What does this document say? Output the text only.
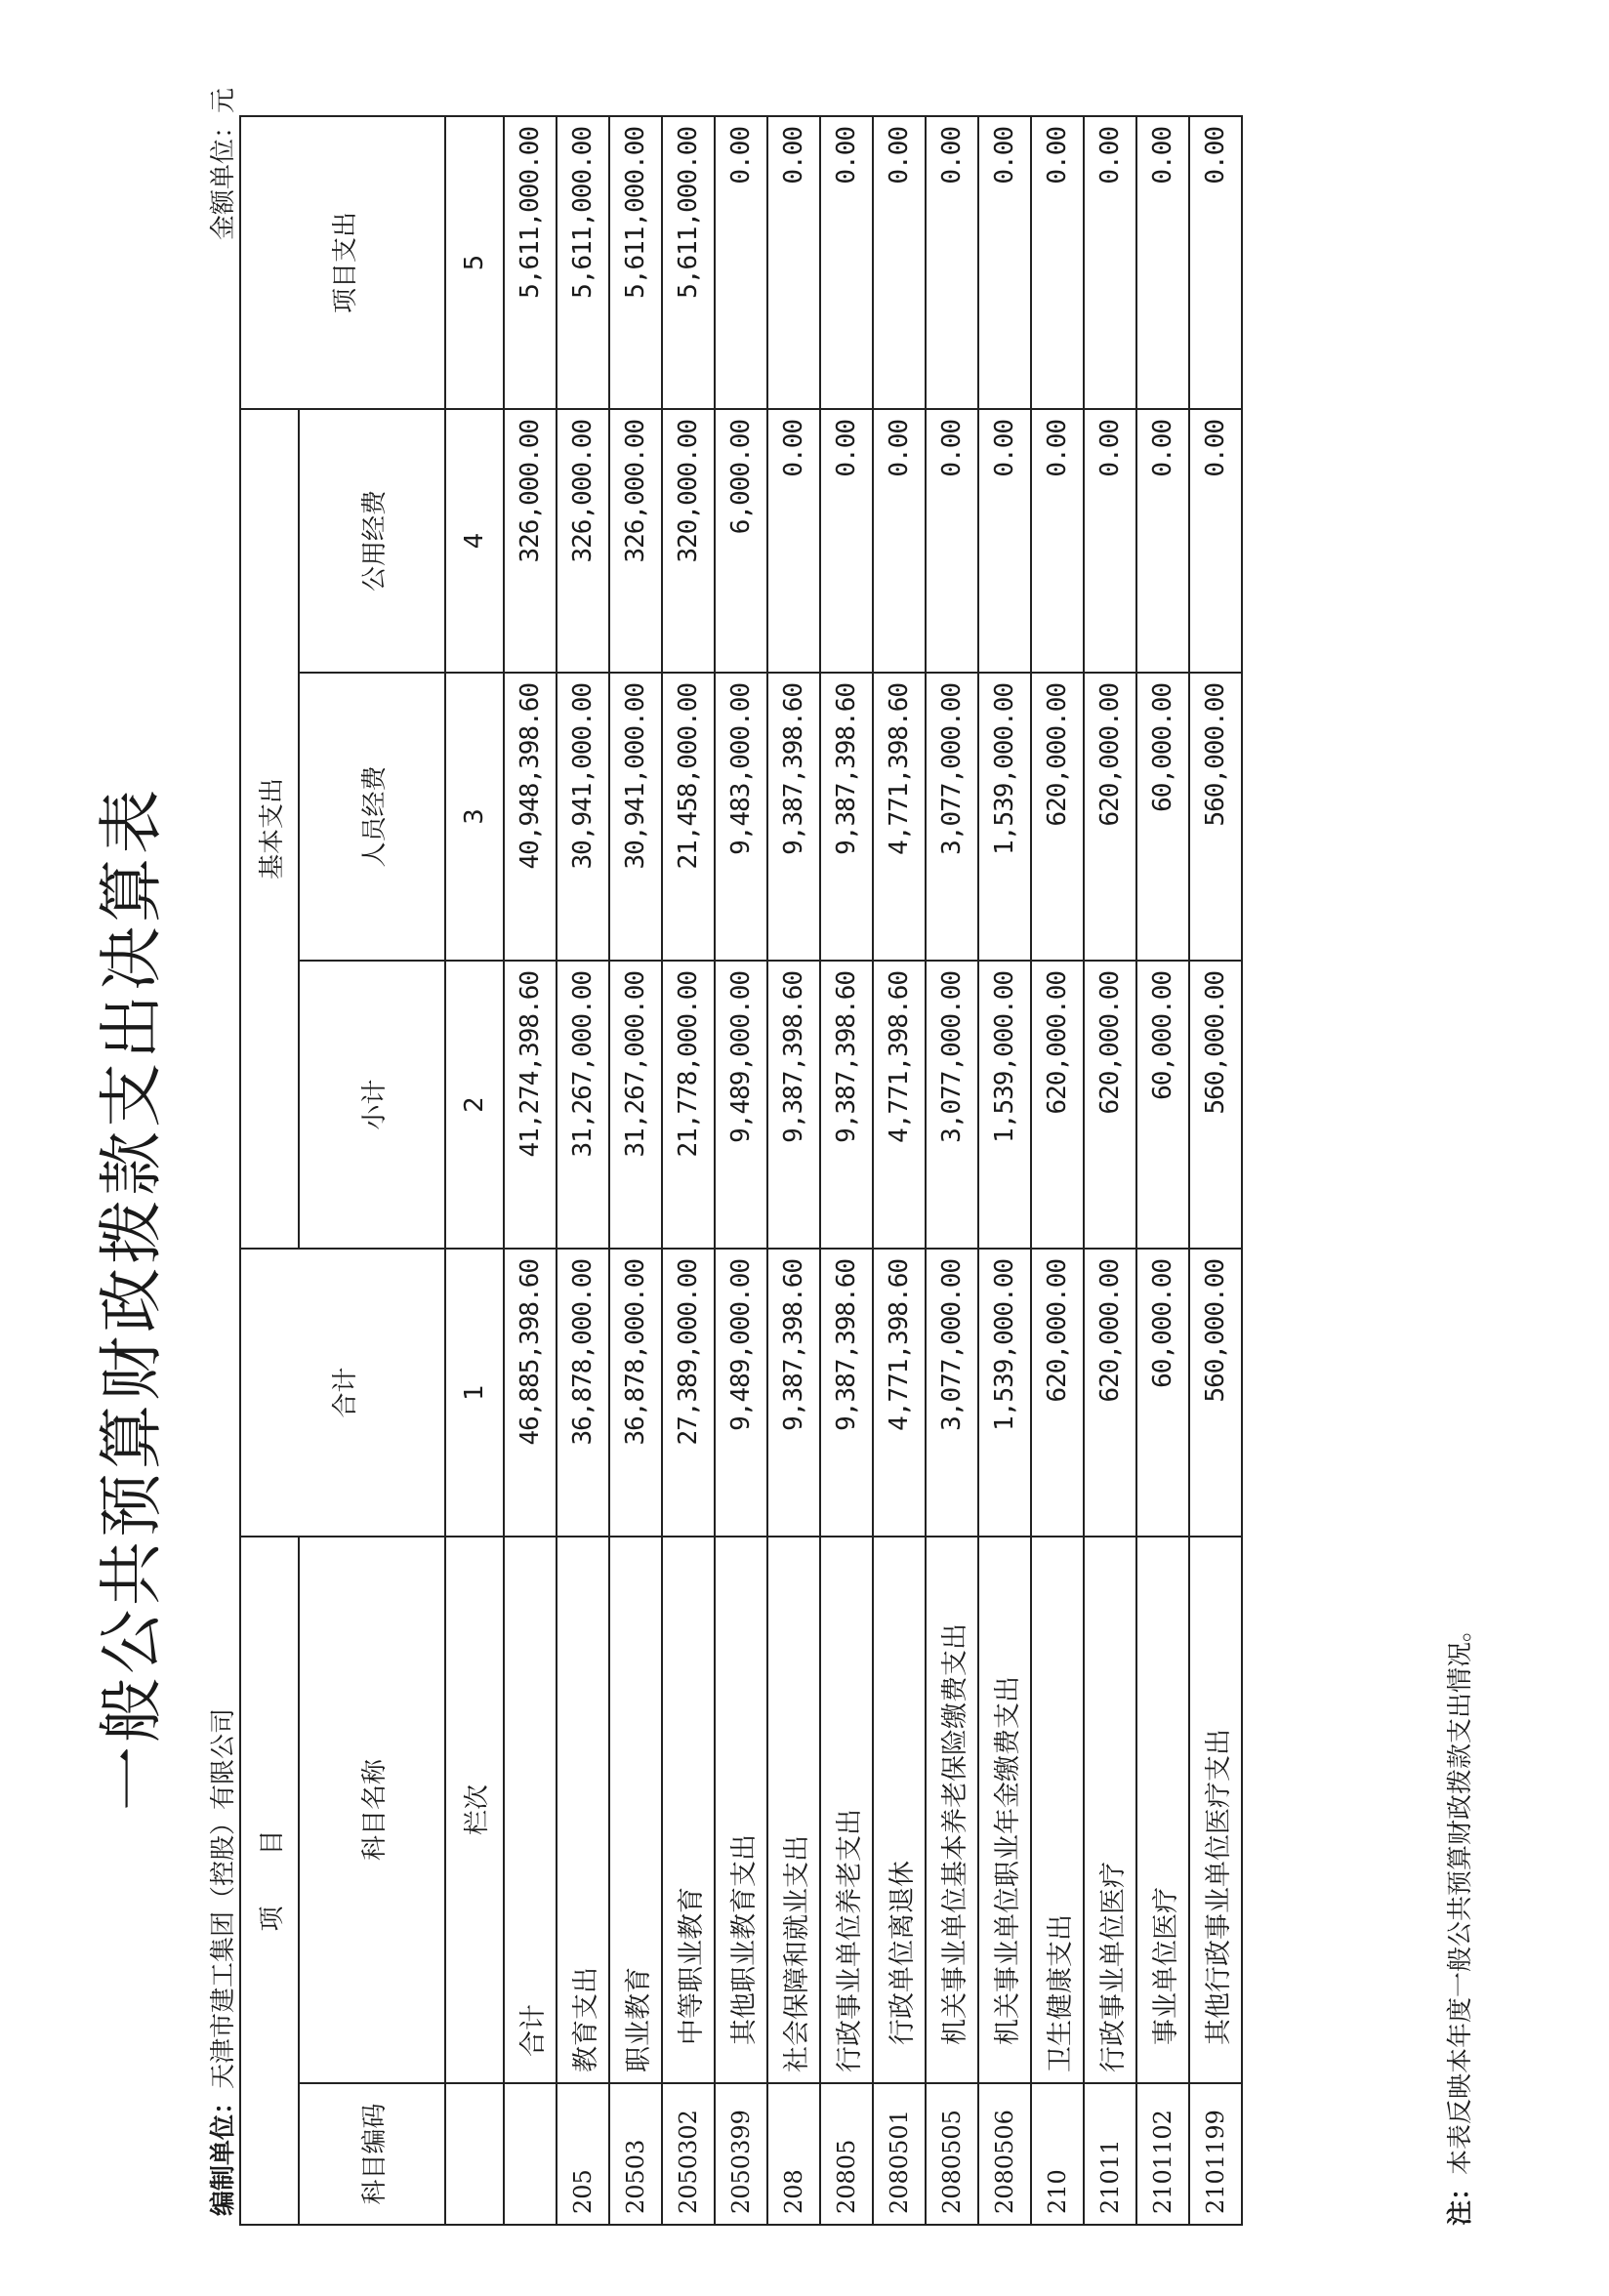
一般公共预算财政拨款支出决算表
编制单位：天津市建工集团（控股）有限公司
金额单位：元
项　　目		合计	基本支出			项目支出
科目编码	科目名称		小计	人员经费	公用经费	

	栏次	1	2	3	4	5
	合计	46,885,398.60	41,274,398.60	40,948,398.60	326,000.00	5,611,000.00
205	教育支出	36,878,000.00	31,267,000.00	30,941,000.00	326,000.00	5,611,000.00
20503	职业教育	36,878,000.00	31,267,000.00	30,941,000.00	326,000.00	5,611,000.00
2050302	中等职业教育	27,389,000.00	21,778,000.00	21,458,000.00	320,000.00	5,611,000.00
2050399	其他职业教育支出	9,489,000.00	9,489,000.00	9,483,000.00	6,000.00	0.00
208	社会保障和就业支出	9,387,398.60	9,387,398.60	9,387,398.60	0.00	0.00
20805	行政事业单位养老支出	9,387,398.60	9,387,398.60	9,387,398.60	0.00	0.00
2080501	行政单位离退休	4,771,398.60	4,771,398.60	4,771,398.60	0.00	0.00
2080505	机关事业单位基本养老保险缴费支出	3,077,000.00	3,077,000.00	3,077,000.00	0.00	0.00
2080506	机关事业单位职业年金缴费支出	1,539,000.00	1,539,000.00	1,539,000.00	0.00	0.00
210	卫生健康支出	620,000.00	620,000.00	620,000.00	0.00	0.00
21011	行政事业单位医疗	620,000.00	620,000.00	620,000.00	0.00	0.00
2101102	事业单位医疗	60,000.00	60,000.00	60,000.00	0.00	0.00
2101199	其他行政事业单位医疗支出	560,000.00	560,000.00	560,000.00	0.00	0.00
注：本表反映本年度一般公共预算财政拨款支出情况。
